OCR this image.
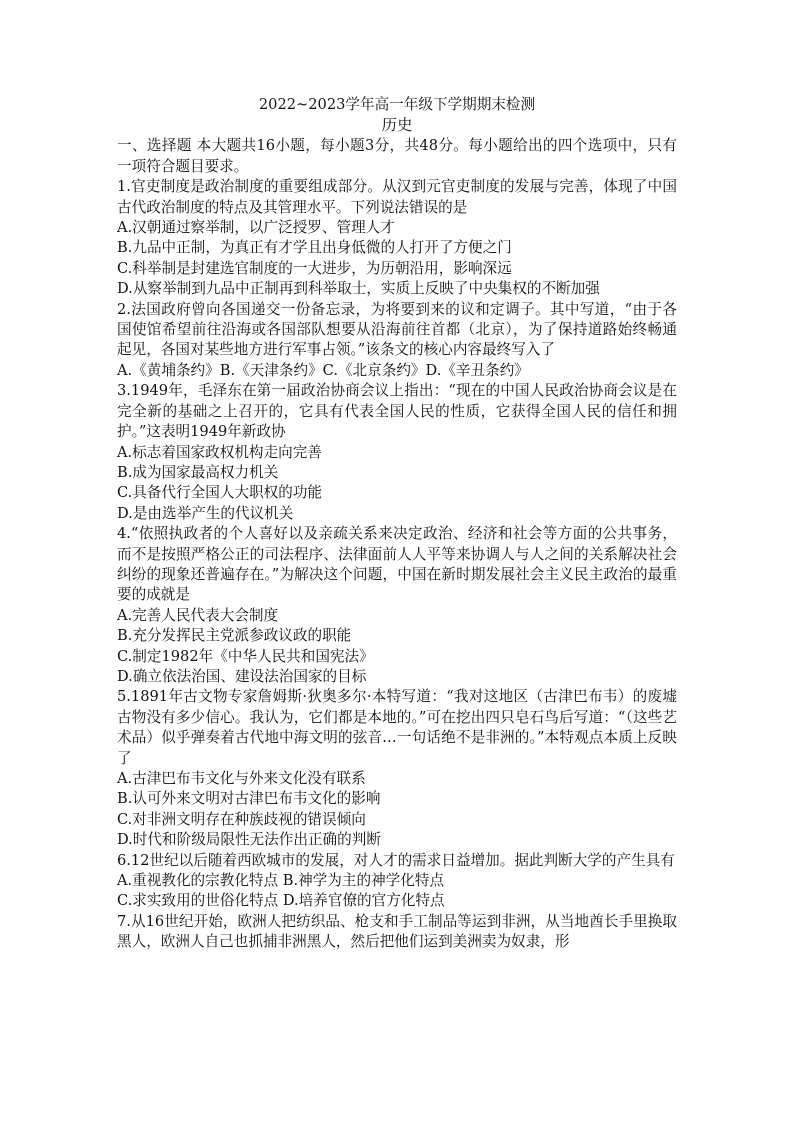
2022~2023学年高一年级下学期期末检测

历史

一、选择题 本大题共16小题，每小题3分，共48分。每小题给出的四个选项中，只有一项符合题目要求。

1.官吏制度是政治制度的重要组成部分。从汉到元官吏制度的发展与完善，体现了中国古代政治制度的特点及其管理水平。下列说法错误的是

A.汉朝通过察举制，以广泛授罗、管理人才

B.九品中正制，为真正有才学且出身低微的人打开了方便之门

C.科举制是封建选官制度的一大进步，为历朝沿用，影响深远

D.从察举制到九品中正制再到科举取士，实质上反映了中央集权的不断加强

2.法国政府曾向各国递交一份备忘录，为将要到来的议和定调子。其中写道，“由于各国使馆希望前往沿海或各国部队想要从沿海前往首都（北京），为了保持道路始终畅通起见，各国对某些地方进行军事占领。”该条文的核心内容最终写入了

A.《黄埔条约》B.《天津条约》C.《北京条约》D.《辛丑条约》

3.1949年，毛泽东在第一届政治协商会议上指出：“现在的中国人民政治协商会议是在完全新的基础之上召开的，它具有代表全国人民的性质，它获得全国人民的信任和拥护。”这表明1949年新政协

A.标志着国家政权机构走向完善

B.成为国家最高权力机关

C.具备代行全国人大职权的功能

D.是由选举产生的代议机关

4.“依照执政者的个人喜好以及亲疏关系来决定政治、经济和社会等方面的公共事务，而不是按照严格公正的司法程序、法律面前人人平等来协调人与人之间的关系解决社会纠纷的现象还普遍存在。”为解决这个问题，中国在新时期发展社会主义民主政治的最重要的成就是

A.完善人民代表大会制度

B.充分发挥民主党派参政议政的职能

C.制定1982年《中华人民共和国宪法》

D.确立依法治国、建设法治国家的目标

5.1891年古文物专家詹姆斯·狄奥多尔·本特写道：“我对这地区（古津巴布韦）的废墟古物没有多少信心。我认为，它们都是本地的。”可在挖出四只皂石鸟后写道：“（这些艺术品）似乎弹奏着古代地中海文明的弦音…一句话绝不是非洲的。”本特观点本质上反映了

A.古津巴布韦文化与外来文化没有联系

B.认可外来文明对古津巴布韦文化的影响

C.对非洲文明存在种族歧视的错误倾向

D.时代和阶级局限性无法作出正确的判断

6.12世纪以后随着西欧城市的发展，对人才的需求日益增加。据此判断大学的产生具有

A.重视教化的宗教化特点 B.神学为主的神学化特点

C.求实致用的世俗化特点 D.培养官僚的官方化特点

7.从16世纪开始，欧洲人把纺织品、枪支和手工制品等运到非洲，从当地酋长手里换取黑人，欧洲人自己也抓捕非洲黑人，然后把他们运到美洲卖为奴隶，形
